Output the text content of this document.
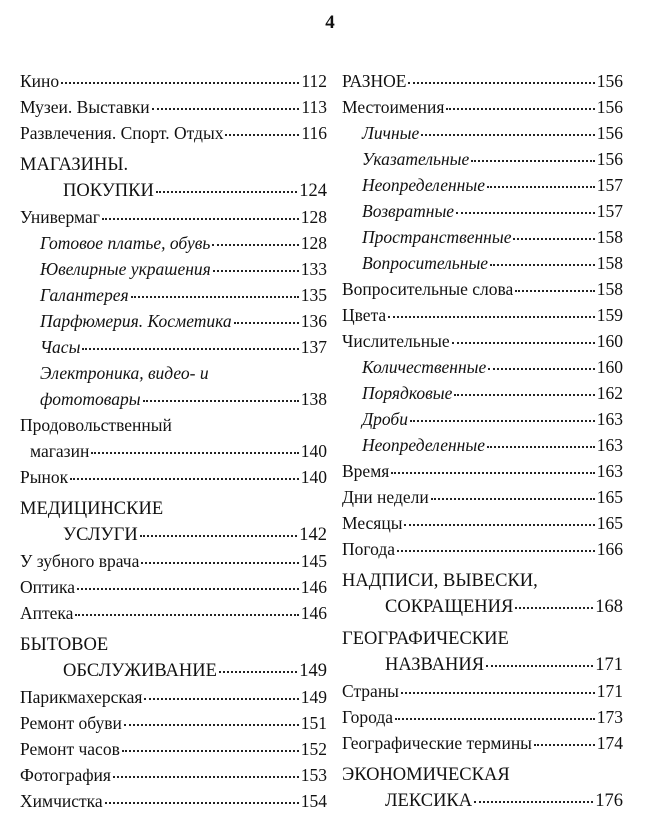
4
Кино	112
Музеи. Выставки	113
Развлечения. Спорт. Отдых	116
МАГАЗИНЫ.
ПОКУПКИ	124
Универмаг	128
Готовое платье, обувь	128
Ювелирные украшения	133
Галантерея	135
Парфюмерия. Косметика	136
Часы	137
Электроника, видео- и
фототовары	138
Продовольственный
магазин	140
Рынок	140
МЕДИЦИНСКИЕ
УСЛУГИ	142
У зубного врача	145
Оптика	146
Аптека	146
БЫТОВОЕ
ОБСЛУЖИВАНИЕ	149
Парикмахерская	149
Ремонт обуви	151
Ремонт часов	152
Фотография	153
Химчистка	154
РАЗНОЕ	156
Местоимения	156
Личные	156
Указательные	156
Неопределенные	157
Возвратные	157
Пространственные	158
Вопросительные	158
Вопросительные слова	158
Цвета	159
Числительные	160
Количественные	160
Порядковые	162
Дроби	163
Неопределенные	163
Время	163
Дни недели	165
Месяцы	165
Погода	166
НАДПИСИ, ВЫВЕСКИ,
СОКРАЩЕНИЯ	168
ГЕОГРАФИЧЕСКИЕ
НАЗВАНИЯ	171
Страны	171
Города	173
Географические термины	174
ЭКОНОМИЧЕСКАЯ
ЛЕКСИКА	176
